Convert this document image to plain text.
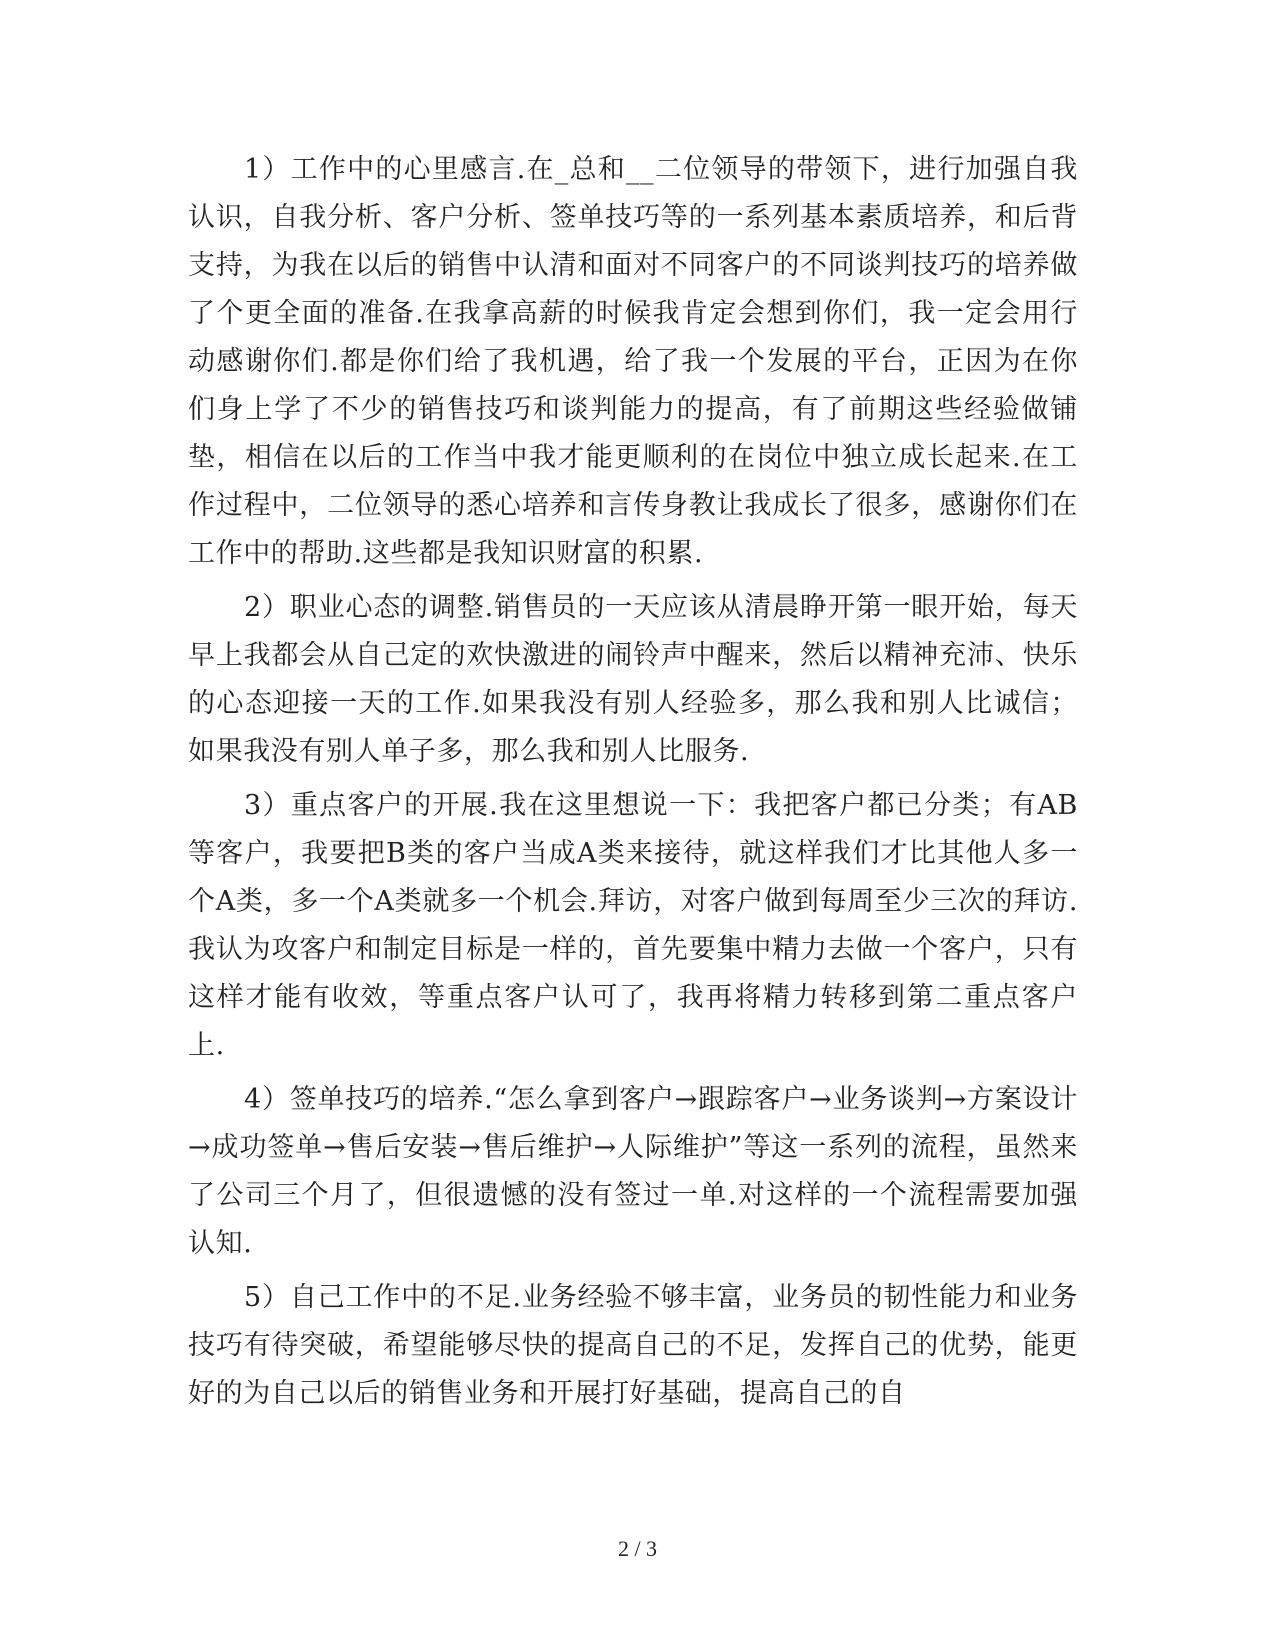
1）工作中的心里感言.在_总和__二位领导的带领下，进行加强自我认识，自我分析、客户分析、签单技巧等的一系列基本素质培养，和后背支持，为我在以后的销售中认清和面对不同客户的不同谈判技巧的培养做了个更全面的准备.在我拿高薪的时候我肯定会想到你们，我一定会用行动感谢你们.都是你们给了我机遇，给了我一个发展的平台，正因为在你们身上学了不少的销售技巧和谈判能力的提高，有了前期这些经验做铺垫，相信在以后的工作当中我才能更顺利的在岗位中独立成长起来.在工作过程中，二位领导的悉心培养和言传身教让我成长了很多，感谢你们在工作中的帮助.这些都是我知识财富的积累.

2）职业心态的调整.销售员的一天应该从清晨睁开第一眼开始，每天早上我都会从自己定的欢快激进的闹铃声中醒来，然后以精神充沛、快乐的心态迎接一天的工作.如果我没有别人经验多，那么我和别人比诚信；如果我没有别人单子多，那么我和别人比服务.

3）重点客户的开展.我在这里想说一下：我把客户都已分类；有AB等客户，我要把B类的客户当成A类来接待，就这样我们才比其他人多一个A类，多一个A类就多一个机会.拜访，对客户做到每周至少三次的拜访.我认为攻客户和制定目标是一样的，首先要集中精力去做一个客户，只有这样才能有收效，等重点客户认可了，我再将精力转移到第二重点客户上.

4）签单技巧的培养.“怎么拿到客户→跟踪客户→业务谈判→方案设计→成功签单→售后安装→售后维护→人际维护”等这一系列的流程，虽然来了公司三个月了，但很遗憾的没有签过一单.对这样的一个流程需要加强认知.

5）自己工作中的不足.业务经验不够丰富，业务员的韧性能力和业务技巧有待突破，希望能够尽快的提高自己的不足，发挥自己的优势，能更好的为自己以后的销售业务和开展打好基础，提高自己的自

2 / 3
